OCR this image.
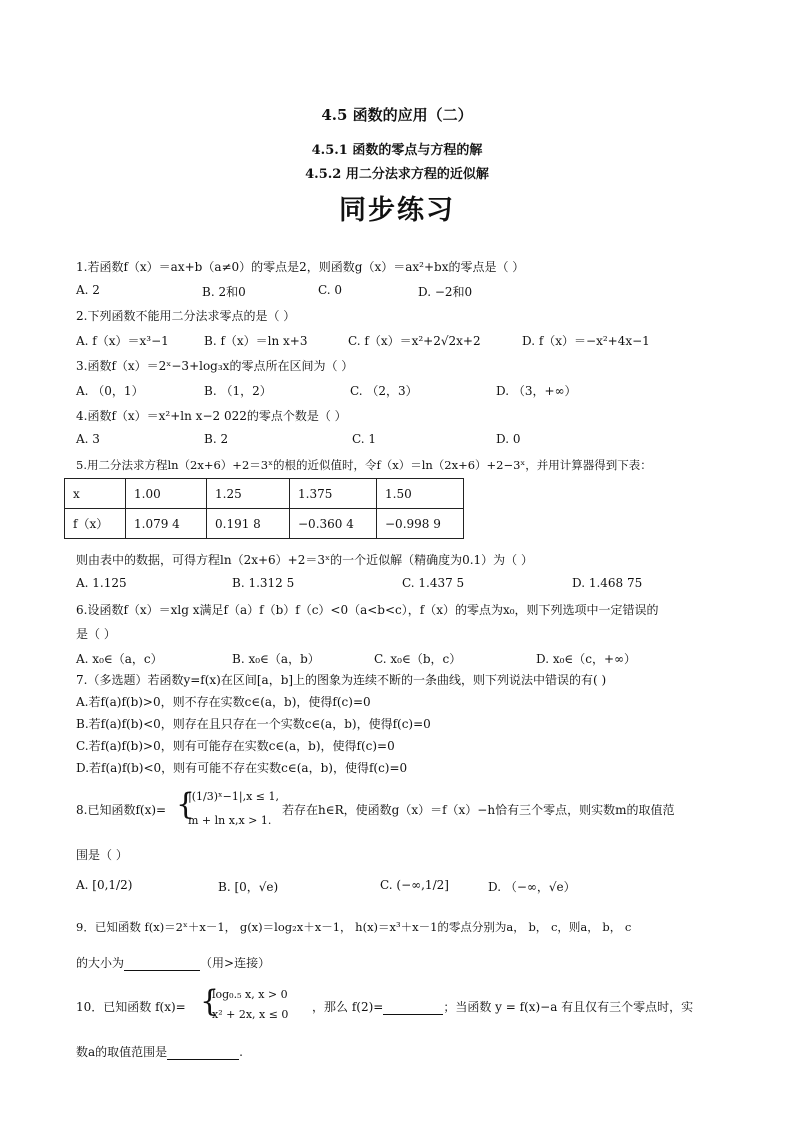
4.5 函数的应用（二）
4.5.1 函数的零点与方程的解
4.5.2 用二分法求方程的近似解
同步练习
1.若函数f（x）＝ax+b（a≠0）的零点是2，则函数g（x）＝ax²+bx的零点是（ ）
A. 2	B. 2和0	C. 0	D. −2和0
2.下列函数不能用二分法求零点的是（ ）
A. f（x）＝x³−1	B. f（x）＝ln x+3	C. f（x）＝x²+2√2x+2	D. f（x）＝−x²+4x−1
3.函数f（x）＝2ˣ−3+log₃x的零点所在区间为（ ）
A. （0，1）	B. （1，2）	C. （2，3）	D. （3，+∞）
4.函数f（x）＝x²+ln x−2 022的零点个数是（ ）
A. 3	B. 2	C. 1	D. 0
5.用二分法求方程ln（2x+6）+2＝3ˣ的根的近似值时，令f（x）＝ln（2x+6）+2−3ˣ，并用计算器得到下表：
x	1.00	1.25	1.375	1.50
f（x）	1.079 4	0.191 8	−0.360 4	−0.998 9
则由表中的数据，可得方程ln（2x+6）+2＝3ˣ的一个近似解（精确度为0.1）为（ ）
A. 1.125	B. 1.312 5	C. 1.437 5	D. 1.468 75
6.设函数f（x）＝xlg x满足f（a）f（b）f（c）<0（a<b<c），f（x）的零点为x₀，则下列选项中一定错误的
是（ ）
A. x₀∈（a，c）	B. x₀∈（a，b）	C. x₀∈（b，c）	D. x₀∈（c，+∞）
7.（多选题）若函数y=f(x)在区间[a，b]上的图象为连续不断的一条曲线，则下列说法中错误的有( )
A.若f(a)f(b)>0，则不存在实数c∈(a，b)，使得f(c)=0
B.若f(a)f(b)<0，则存在且只存在一个实数c∈(a，b)，使得f(c)=0
C.若f(a)f(b)>0，则有可能存在实数c∈(a，b)，使得f(c)=0
D.若f(a)f(b)<0，则有可能不存在实数c∈(a，b)，使得f(c)=0
8.已知函数f(x)= {
|(1/3)ˣ−1|,x ≤ 1,
m + ln x,x > 1.
若存在h∈R，使函数g（x）＝f（x）−h恰有三个零点，则实数m的取值范
围是（ ）
A. [0,1/2)	B. [0，√e)	C. (−∞,1/2]	D. （−∞，√e）
9．已知函数 f(x)＝2ˣ＋x－1， g(x)＝log₂x＋x－1， h(x)＝x³＋x－1的零点分别为a， b， c，则a， b， c
的大小为	（用>连接）
10．已知函数 f(x)= {
log₀.₅ x, x > 0
x² + 2x, x ≤ 0
，那么 f(2)=	；当函数 y = f(x)−a 有且仅有三个零点时，实
数a的取值范围是	.
